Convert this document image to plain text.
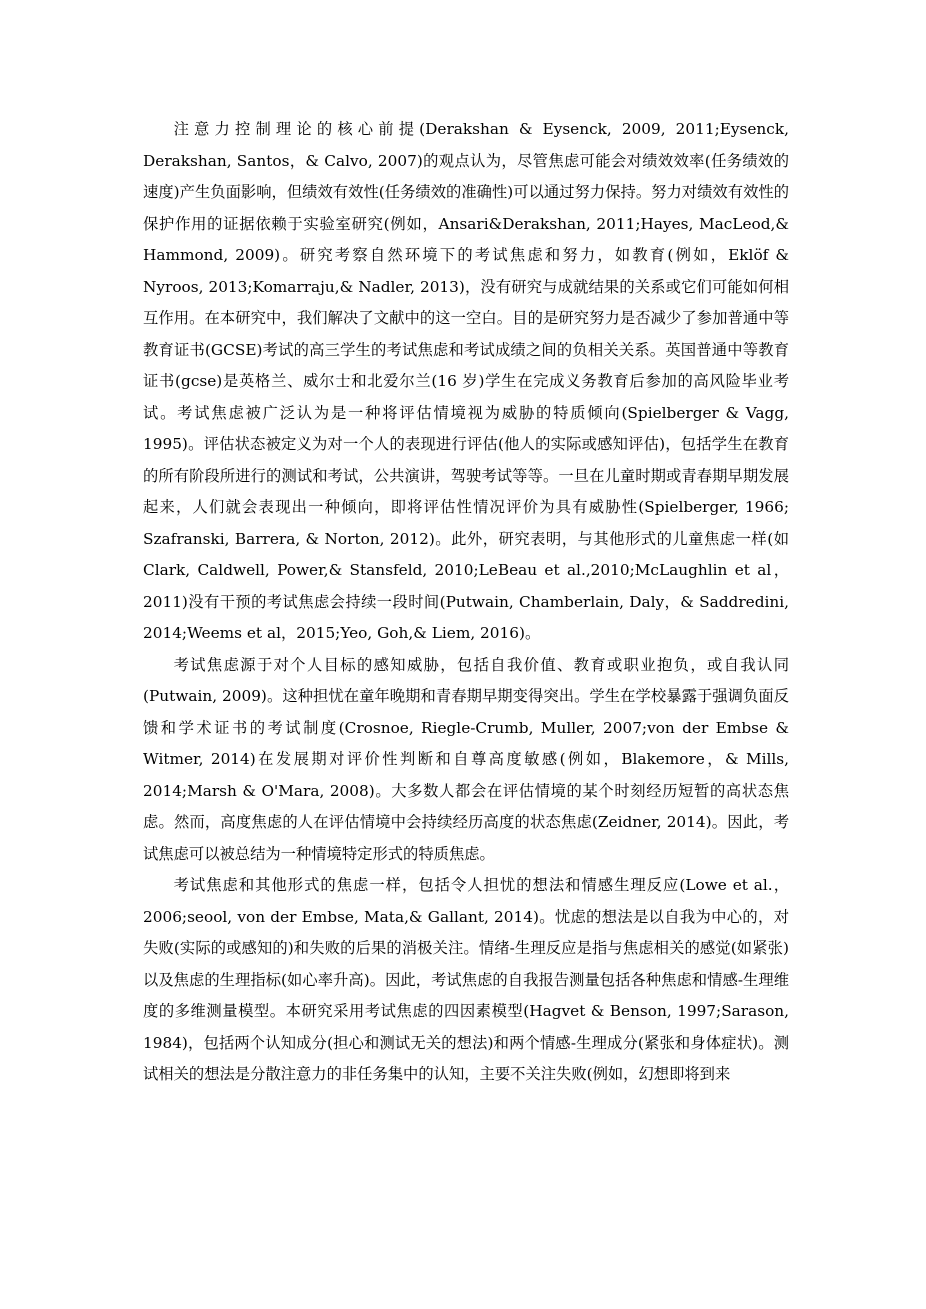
注意力控制理论的核心前提(Derakshan & Eysenck, 2009, 2011;Eysenck, Derakshan, Santos，& Calvo, 2007)的观点认为，尽管焦虑可能会对绩效效率(任务绩效的速度)产生负面影响，但绩效有效性(任务绩效的准确性)可以通过努力保持。努力对绩效有效性的保护作用的证据依赖于实验室研究(例如，Ansari&Derakshan, 2011;Hayes, MacLeod,& Hammond, 2009)。研究考察自然环境下的考试焦虑和努力，如教育(例如，Eklöf & Nyroos, 2013;Komarraju,& Nadler, 2013)，没有研究与成就结果的关系或它们可能如何相互作用。在本研究中，我们解决了文献中的这一空白。目的是研究努力是否减少了参加普通中等教育证书(GCSE)考试的高三学生的考试焦虑和考试成绩之间的负相关关系。英国普通中等教育证书(gcse)是英格兰、威尔士和北爱尔兰(16 岁)学生在完成义务教育后参加的高风险毕业考试。考试焦虑被广泛认为是一种将评估情境视为威胁的特质倾向(Spielberger & Vagg, 1995)。评估状态被定义为对一个人的表现进行评估(他人的实际或感知评估)，包括学生在教育的所有阶段所进行的测试和考试，公共演讲，驾驶考试等等。一旦在儿童时期或青春期早期发展起来，人们就会表现出一种倾向，即将评估性情况评价为具有威胁性(Spielberger, 1966; Szafranski, Barrera, & Norton, 2012)。此外，研究表明，与其他形式的儿童焦虑一样(如 Clark, Caldwell, Power,& Stansfeld, 2010;LeBeau et al.,2010;McLaughlin et al，2011)没有干预的考试焦虑会持续一段时间(Putwain, Chamberlain, Daly，& Saddredini, 2014;Weems et al，2015;Yeo, Goh,& Liem, 2016)。

考试焦虑源于对个人目标的感知威胁，包括自我价值、教育或职业抱负，或自我认同(Putwain, 2009)。这种担忧在童年晚期和青春期早期变得突出。学生在学校暴露于强调负面反馈和学术证书的考试制度(Crosnoe, Riegle-Crumb, Muller, 2007;von der Embse & Witmer, 2014)在发展期对评价性判断和自尊高度敏感(例如，Blakemore，& Mills, 2014;Marsh & O'Mara, 2008)。大多数人都会在评估情境的某个时刻经历短暂的高状态焦虑。然而，高度焦虑的人在评估情境中会持续经历高度的状态焦虑(Zeidner, 2014)。因此，考试焦虑可以被总结为一种情境特定形式的特质焦虑。

考试焦虑和其他形式的焦虑一样，包括令人担忧的想法和情感生理反应(Lowe et al.，2006;seool, von der Embse, Mata,& Gallant, 2014)。忧虑的想法是以自我为中心的，对失败(实际的或感知的)和失败的后果的消极关注。情绪-生理反应是指与焦虑相关的感觉(如紧张)以及焦虑的生理指标(如心率升高)。因此，考试焦虑的自我报告测量包括各种焦虑和情感-生理维度的多维测量模型。本研究采用考试焦虑的四因素模型(Hagvet & Benson, 1997;Sarason, 1984)，包括两个认知成分(担心和测试无关的想法)和两个情感-生理成分(紧张和身体症状)。测试相关的想法是分散注意力的非任务集中的认知，主要不关注失败(例如，幻想即将到来
